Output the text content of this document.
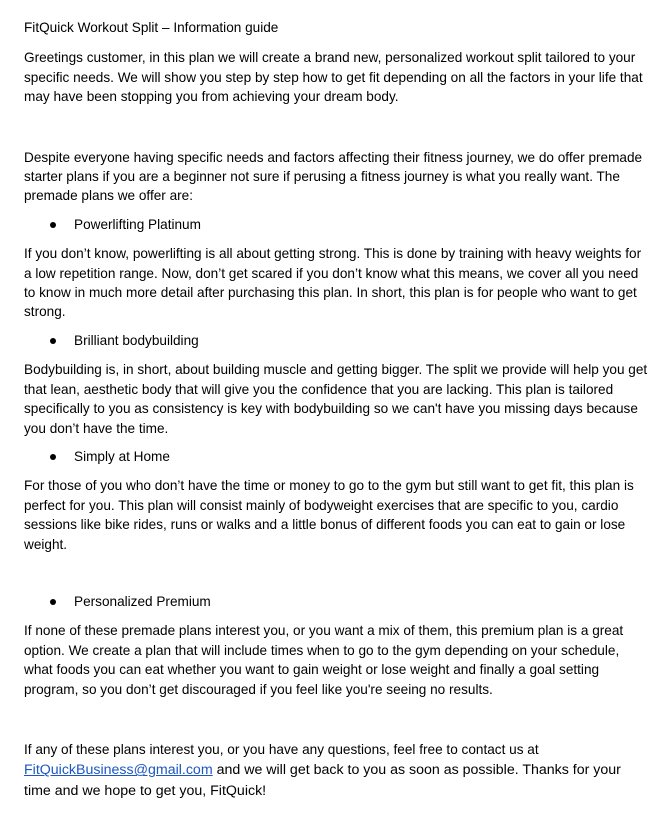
FitQuick Workout Split – Information guide

Greetings customer, in this plan we will create a brand new, personalized workout split tailored to your specific needs. We will show you step by step how to get fit depending on all the factors in your life that may have been stopping you from achieving your dream body.

Despite everyone having specific needs and factors affecting their fitness journey, we do offer premade starter plans if you are a beginner not sure if perusing a fitness journey is what you really want. The premade plans we offer are:

Powerlifting Platinum

If you don’t know, powerlifting is all about getting strong. This is done by training with heavy weights for a low repetition range. Now, don’t get scared if you don’t know what this means, we cover all you need to know in much more detail after purchasing this plan. In short, this plan is for people who want to get strong.

Brilliant bodybuilding

Bodybuilding is, in short, about building muscle and getting bigger. The split we provide will help you get that lean, aesthetic body that will give you the confidence that you are lacking. This plan is tailored specifically to you as consistency is key with bodybuilding so we can't have you missing days because you don’t have the time.

Simply at Home

For those of you who don’t have the time or money to go to the gym but still want to get fit, this plan is perfect for you. This plan will consist mainly of bodyweight exercises that are specific to you, cardio sessions like bike rides, runs or walks and a little bonus of different foods you can eat to gain or lose weight.

Personalized Premium

If none of these premade plans interest you, or you want a mix of them, this premium plan is a great option. We create a plan that will include times when to go to the gym depending on your schedule, what foods you can eat whether you want to gain weight or lose weight and finally a goal setting program, so you don’t get discouraged if you feel like you're seeing no results.

If any of these plans interest you, or you have any questions, feel free to contact us at

FitQuickBusiness@gmail.com and we will get back to you as soon as possible. Thanks for your time and we hope to get you, FitQuick!
